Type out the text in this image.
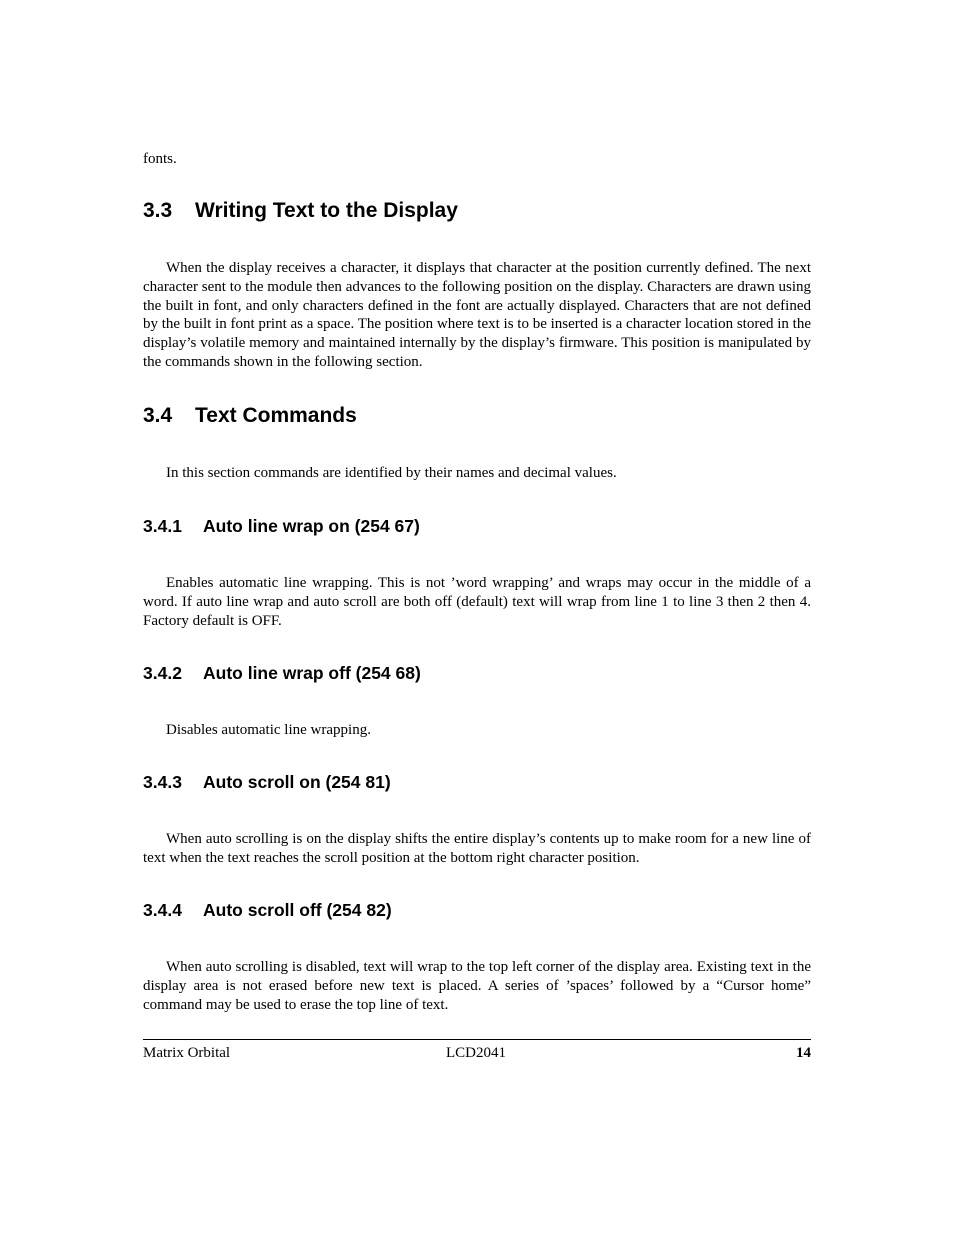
fonts.

3.3 Writing Text to the Display

When the display receives a character, it displays that character at the position currently defined. The next character sent to the module then advances to the following position on the display. Characters are drawn using the built in font, and only characters defined in the font are actually displayed. Characters that are not defined by the built in font print as a space. The position where text is to be inserted is a character location stored in the display’s volatile memory and maintained internally by the display’s firmware. This position is manipulated by the commands shown in the following section.

3.4 Text Commands

In this section commands are identified by their names and decimal values.

3.4.1 Auto line wrap on (254 67)

Enables automatic line wrapping. This is not ’word wrapping’ and wraps may occur in the middle of a word. If auto line wrap and auto scroll are both off (default) text will wrap from line 1 to line 3 then 2 then 4. Factory default is OFF.

3.4.2 Auto line wrap off (254 68)

Disables automatic line wrapping.

3.4.3 Auto scroll on (254 81)

When auto scrolling is on the display shifts the entire display’s contents up to make room for a new line of text when the text reaches the scroll position at the bottom right character position.

3.4.4 Auto scroll off (254 82)

When auto scrolling is disabled, text will wrap to the top left corner of the display area. Existing text in the display area is not erased before new text is placed. A series of ’spaces’ followed by a “Cursor home” command may be used to erase the top line of text.

Matrix Orbital	LCD2041	14
